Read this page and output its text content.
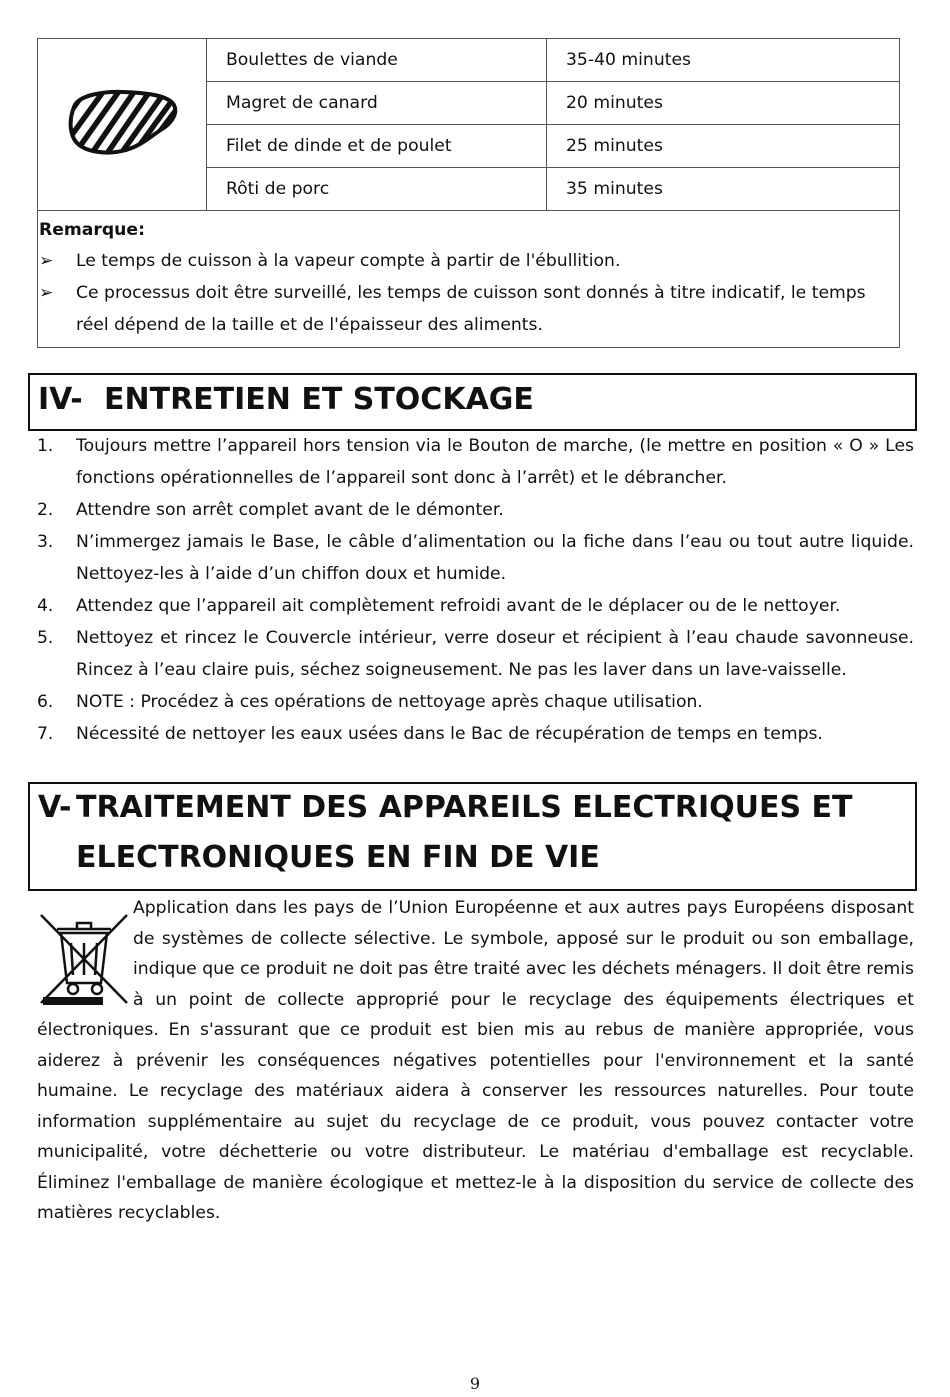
	Boulettes de viande	35-40 minutes
	Magret de canard	20 minutes
	Filet de dinde et de poulet	25 minutes
	Rôti de porc	35 minutes

Remarque:
➢ Le temps de cuisson à la vapeur compte à partir de l'ébullition.
➢ Ce processus doit être surveillé, les temps de cuisson sont donnés à titre indicatif, le temps réel dépend de la taille et de l'épaisseur des aliments.		
IV- ENTRETIEN ET STOCKAGE
1. Toujours mettre l’appareil hors tension via le Bouton de marche, (le mettre en position « O » Les fonctions opérationnelles de l’appareil sont donc à l’arrêt) et le débrancher.
2. Attendre son arrêt complet avant de le démonter.
3. N’immergez jamais le Base, le câble d’alimentation ou la fiche dans l’eau ou tout autre liquide. Nettoyez-les à l’aide d’un chiffon doux et humide.
4. Attendez que l’appareil ait complètement refroidi avant de le déplacer ou de le nettoyer.
5. Nettoyez et rincez le Couvercle intérieur, verre doseur et récipient à l’eau chaude savonneuse. Rincez à l’eau claire puis, séchez soigneusement. Ne pas les laver dans un lave-vaisselle.
6. NOTE : Procédez à ces opérations de nettoyage après chaque utilisation.
7. Nécessité de nettoyer les eaux usées dans le Bac de récupération de temps en temps.
V- TRAITEMENT DES APPAREILS ELECTRIQUES ET
ELECTRONIQUES EN FIN DE VIE
Application dans les pays de l’Union Européenne et aux autres pays Européens disposant de systèmes de collecte sélective. Le symbole, apposé sur le produit ou son emballage, indique que ce produit ne doit pas être traité avec les déchets ménagers. Il doit être remis à un point de collecte approprié pour le recyclage des équipements électriques et électroniques. En s'assurant que ce produit est bien mis au rebus de manière appropriée, vous aiderez à prévenir les conséquences négatives potentielles pour l'environnement et la santé humaine. Le recyclage des matériaux aidera à conserver les ressources naturelles. Pour toute information supplémentaire au sujet du recyclage de ce produit, vous pouvez contacter votre municipalité, votre déchetterie ou votre distributeur. Le matériau d'emballage est recyclable. Éliminez l'emballage de manière écologique et mettez-le à la disposition du service de collecte des matières recyclables.
9
